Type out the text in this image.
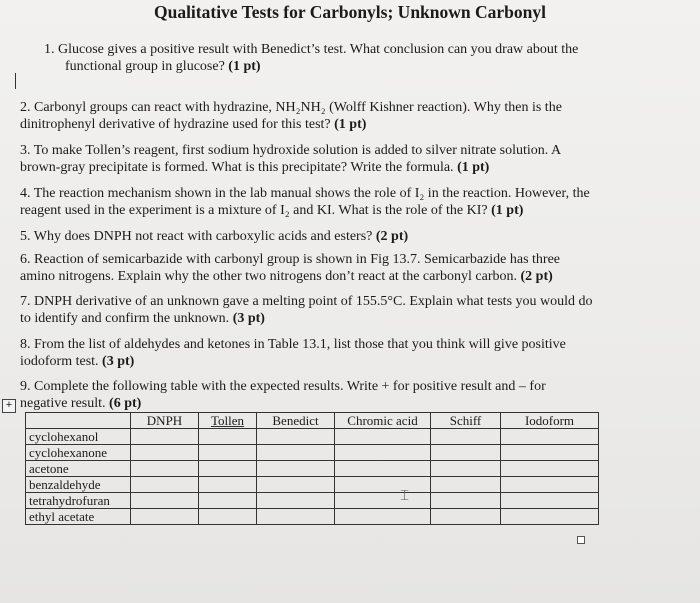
Qualitative Tests for Carbonyls; Unknown Carbonyl
1. Glucose gives a positive result with Benedict’s test. What conclusion can you draw about the
functional group in glucose? (1 pt)
2. Carbonyl groups can react with hydrazine, NH₂NH₂ (Wolff Kishner reaction). Why then is the
dinitrophenyl derivative of hydrazine used for this test? (1 pt)
3. To make Tollen’s reagent, first sodium hydroxide solution is added to silver nitrate solution. A
brown-gray precipitate is formed. What is this precipitate? Write the formula. (1 pt)
4. The reaction mechanism shown in the lab manual shows the role of I₂ in the reaction. However, the
reagent used in the experiment is a mixture of I₂ and KI. What is the role of the KI? (1 pt)
5. Why does DNPH not react with carboxylic acids and esters? (2 pt)
6. Reaction of semicarbazide with carbonyl group is shown in Fig 13.7. Semicarbazide has three
amino nitrogens. Explain why the other two nitrogens don’t react at the carbonyl carbon. (2 pt)
7. DNPH derivative of an unknown gave a melting point of 155.5°C. Explain what tests you would do
to identify and confirm the unknown. (3 pt)
8. From the list of aldehydes and ketones in Table 13.1, list those that you think will give positive
iodoform test. (3 pt)
9. Complete the following table with the expected results. Write + for positive result and – for
negative result. (6 pt)
+
	DNPH	Tollen	Benedict	Chromic acid	Schiff	Iodoform
cyclohexanol						
cyclohexanone						
acetone						
benzaldehyde						
tetrahydrofuran						
ethyl acetate						
⌶
